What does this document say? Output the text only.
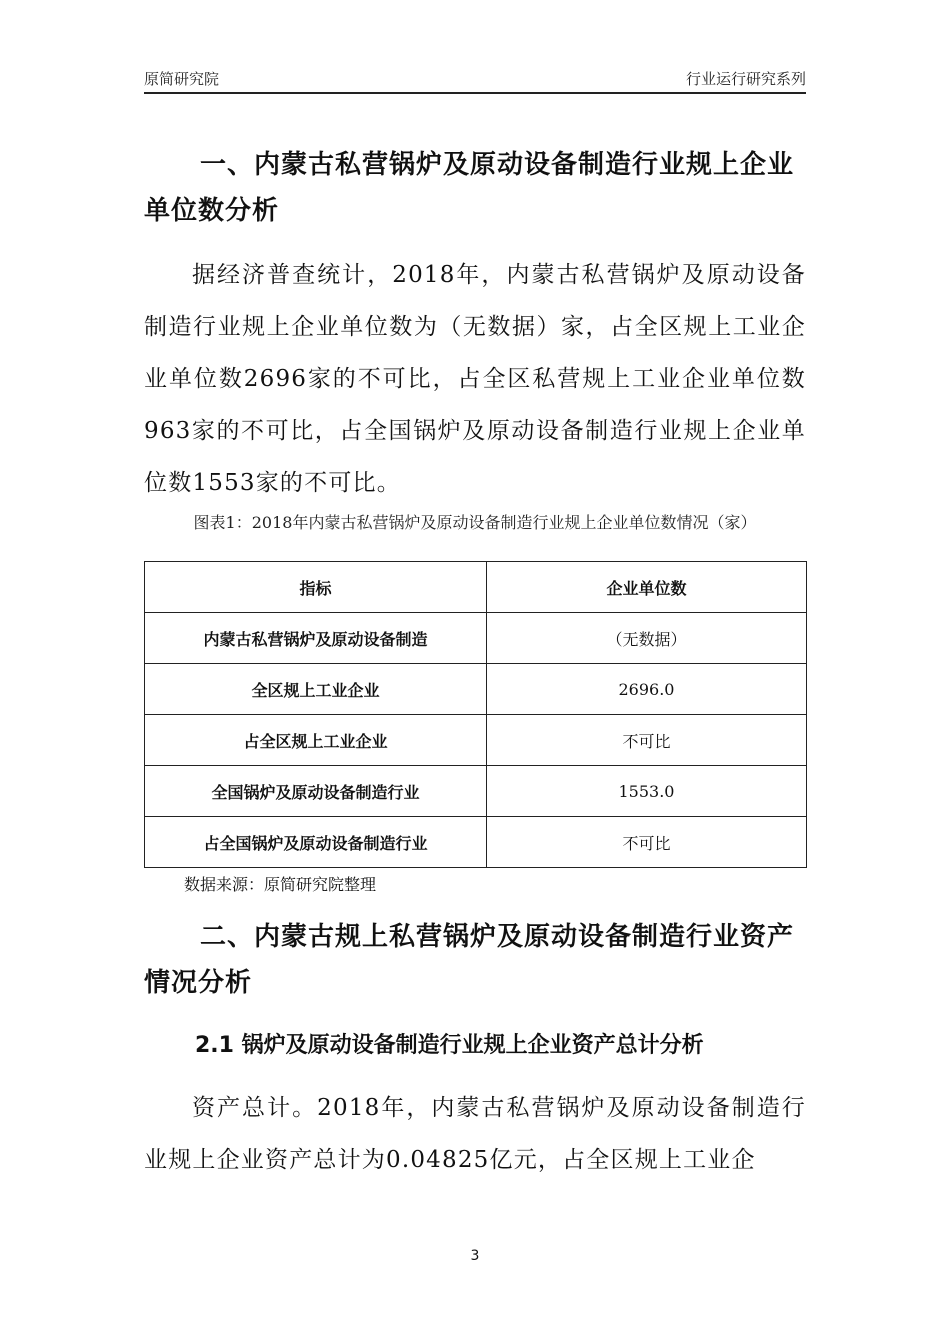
原简研究院	行业运行研究系列
一、内蒙古私营锅炉及原动设备制造行业规上企业单位数分析
据经济普查统计，2018年，内蒙古私营锅炉及原动设备制造行业规上企业单位数为（无数据）家，占全区规上工业企业单位数2696家的不可比，占全区私营规上工业企业单位数963家的不可比，占全国锅炉及原动设备制造行业规上企业单位数1553家的不可比。
图表1：2018年内蒙古私营锅炉及原动设备制造行业规上企业单位数情况（家）
指标	企业单位数
内蒙古私营锅炉及原动设备制造	（无数据）
全区规上工业企业	2696.0
占全区规上工业企业	不可比
全国锅炉及原动设备制造行业	1553.0
占全国锅炉及原动设备制造行业	不可比
数据来源：原简研究院整理
二、内蒙古规上私营锅炉及原动设备制造行业资产情况分析
2.1 锅炉及原动设备制造行业规上企业资产总计分析
资产总计。2018年，内蒙古私营锅炉及原动设备制造行业规上企业资产总计为0.04825亿元，占全区规上工业企
3
